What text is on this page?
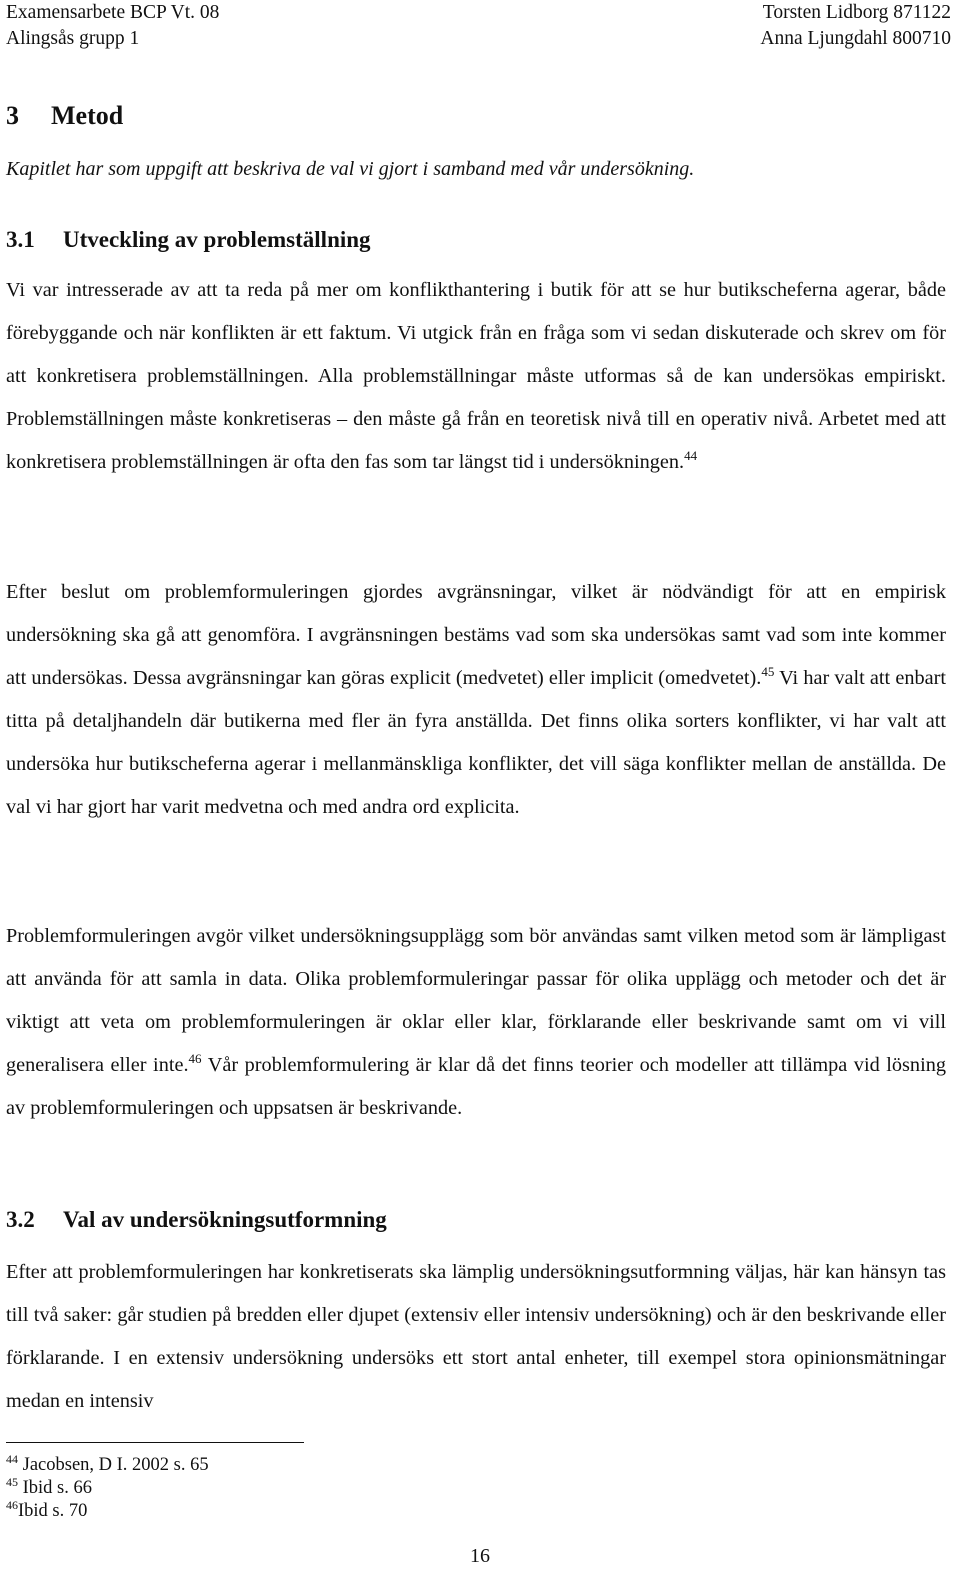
Examensarbete BCP Vt. 08	Torsten Lidborg 871122
Alingsås grupp 1	Anna Ljungdahl 800710
3 Metod
Kapitlet har som uppgift att beskriva de val vi gjort i samband med vår undersökning.
3.1 Utveckling av problemställning

Vi var intresserade av att ta reda på mer om konflikthantering i butik för att se hur butikscheferna agerar, både förebyggande och när konflikten är ett faktum. Vi utgick från en fråga som vi sedan diskuterade och skrev om för att konkretisera problemställningen. Alla problemställningar måste utformas så de kan undersökas empiriskt. Problemställningen måste konkretiseras – den måste gå från en teoretisk nivå till en operativ nivå. Arbetet med att konkretisera problemställningen är ofta den fas som tar längst tid i undersökningen.$^{44}$

Efter beslut om problemformuleringen gjordes avgränsningar, vilket är nödvändigt för att en empirisk undersökning ska gå att genomföra. I avgränsningen bestäms vad som ska undersökas samt vad som inte kommer att undersökas. Dessa avgränsningar kan göras explicit (medvetet) eller implicit (omedvetet).$^{45}$ Vi har valt att enbart titta på detaljhandeln där butikerna med fler än fyra anställda. Det finns olika sorters konflikter, vi har valt att undersöka hur butikscheferna agerar i mellanmänskliga konflikter, det vill säga konflikter mellan de anställda. De val vi har gjort har varit medvetna och med andra ord explicita.

Problemformuleringen avgör vilket undersökningsupplägg som bör användas samt vilken metod som är lämpligast att använda för att samla in data. Olika problemformuleringar passar för olika upplägg och metoder och det är viktigt att veta om problemformuleringen är oklar eller klar, förklarande eller beskrivande samt om vi vill generalisera eller inte.$^{46}$ Vår problemformulering är klar då det finns teorier och modeller att tillämpa vid lösning av problemformuleringen och uppsatsen är beskrivande.

3.2 Val av undersökningsutformning

Efter att problemformuleringen har konkretiserats ska lämplig undersökningsutformning väljas, här kan hänsyn tas till två saker: går studien på bredden eller djupet (extensiv eller intensiv undersökning) och är den beskrivande eller förklarande. I en extensiv undersökning undersöks ett stort antal enheter, till exempel stora opinionsmätningar medan en intensiv

$^{44}$ Jacobsen, D I. 2002 s. 65
$^{45}$ Ibid s. 66
$^{46}$Ibid s. 70
16
